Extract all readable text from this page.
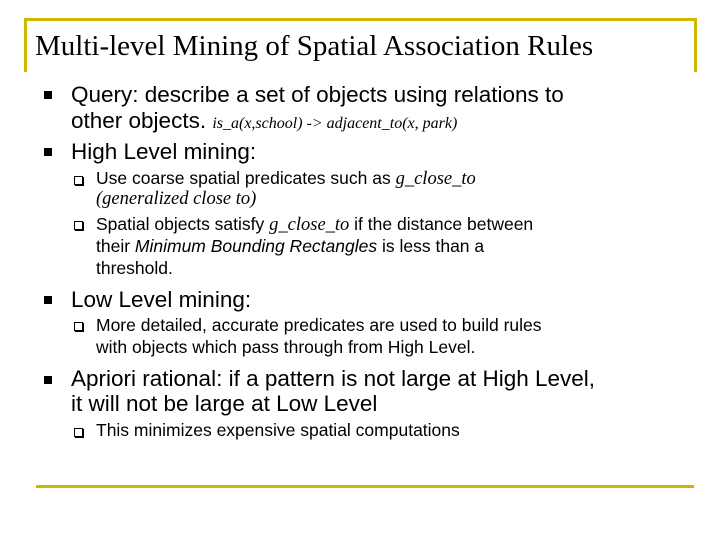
Multi-level Mining of Spatial Association Rules
Query: describe a set of objects using relations to
other objects. is_a(x,school) -> adjacent_to(x, park)
High Level mining:
Use coarse spatial predicates such as g_close_to
(generalized close to)
Spatial objects satisfy g_close_to if the distance between
their Minimum Bounding Rectangles is less than a
threshold.
Low Level mining:
More detailed, accurate predicates are used to build rules
with objects which pass through from High Level.
Apriori rational: if a pattern is not large at High Level,
it will not be large at Low Level
This minimizes expensive spatial computations
